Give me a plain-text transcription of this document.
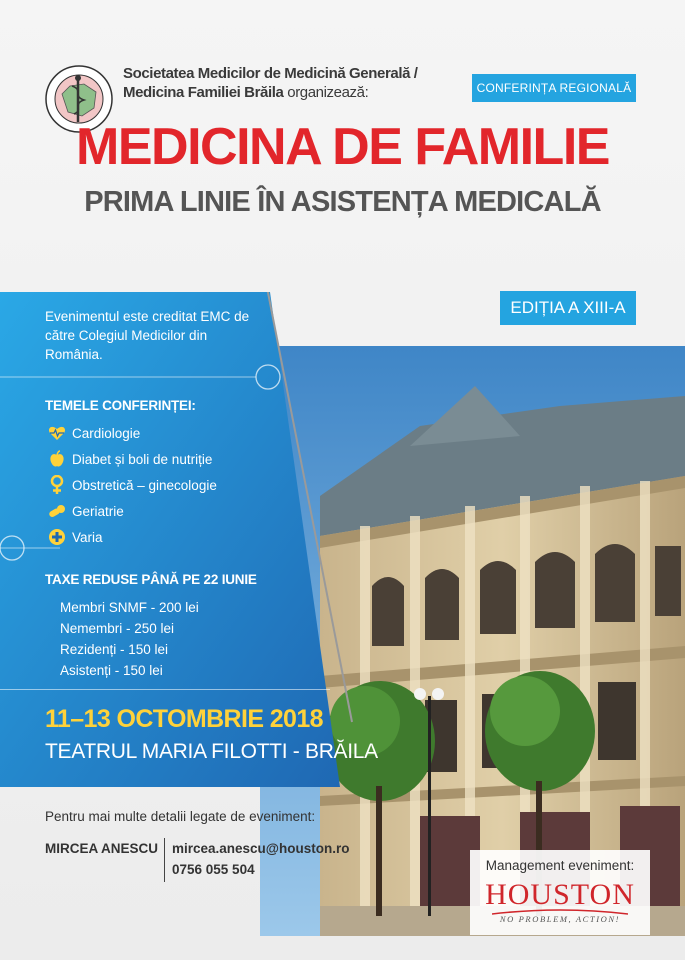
Societatea Medicilor de Medicină Generală /
Medicina Familiei Brăila organizează:	CONFERINȚA REGIONALĂ
MEDICINA DE FAMILIE
PRIMA LINIE ÎN ASISTENȚA MEDICALĂ
EDIȚIA A XIII-A
Evenimentul este creditat EMC de către Colegiul Medicilor din România.
TEMELE CONFERINȚEI:
Cardiologie
Diabet și boli de nutriție
Obstretică – ginecologie
Geriatrie
Varia
TAXE REDUSE PÂNĂ PE 22 IUNIE
Membri SNMF - 200 lei
Nemembri - 250 lei
Rezidenți - 150 lei
Asistenți - 150 lei
11–13 OCTOMBRIE 2018
TEATRUL MARIA FILOTTI - BRĂILA
Pentru mai multe detalii legate de eveniment:
MIRCEA ANESCU mircea.anescu@houston.ro
0756 055 504	Management eveniment:
HOUSTON
NO PROBLEM, ACTION!
